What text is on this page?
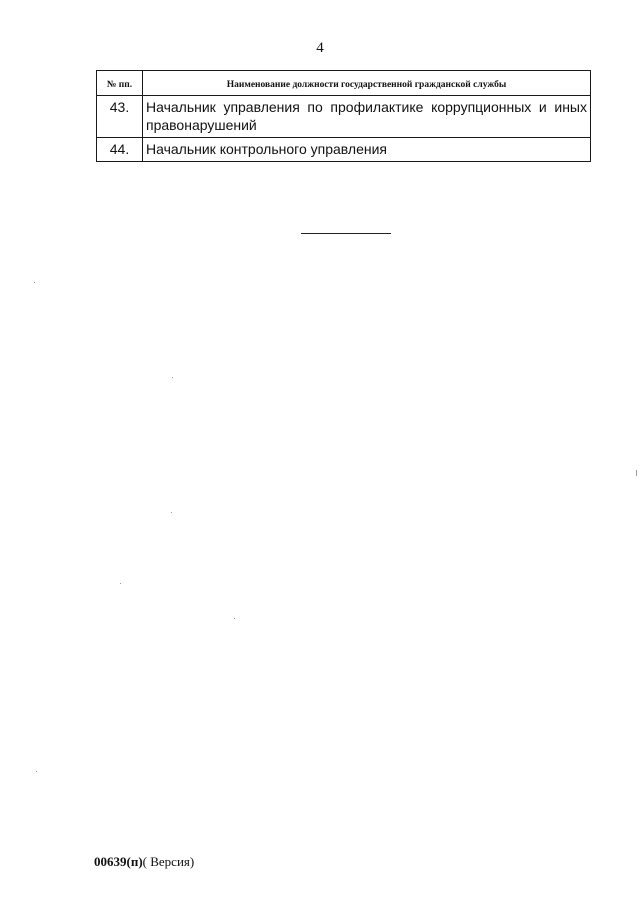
4
№ пп.	Наименование должности государственной гражданской службы
43.	Начальник управления по профилактике коррупционных и иных правонарушений
44.	Начальник контрольного управления
00639(п)( Версия)
